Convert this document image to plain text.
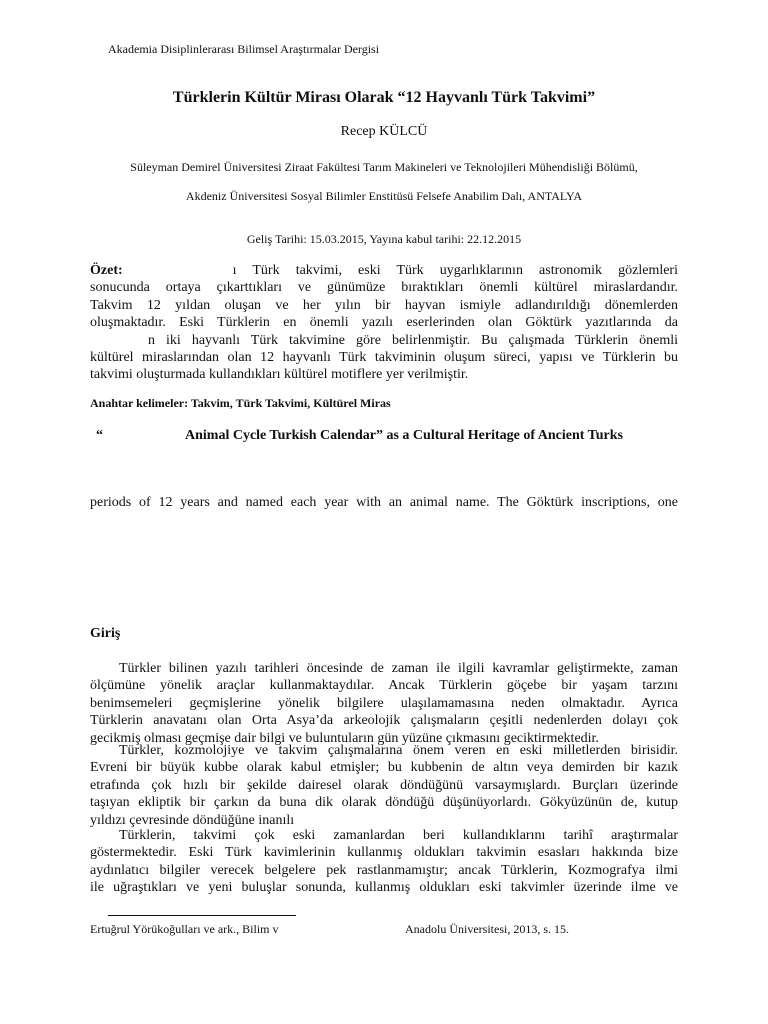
Akademia Disiplinlerarası Bilimsel Araştırmalar Dergisi
Türklerin Kültür Mirası Olarak “12 Hayvanlı Türk Takvimi”
Recep KÜLCÜ
Süleyman Demirel Üniversitesi Ziraat Fakültesi Tarım Makineleri ve Teknolojileri Mühendisliği Bölümü,
Akdeniz Üniversitesi Sosyal Bilimler Enstitüsü Felsefe Anabilim Dalı, ANTALYA
Geliş Tarihi: 15.03.2015, Yayına kabul tarihi: 22.12.2015
Özet:	ı Türk takvimi, eski Türk uygarlıklarının astronomik gözlemleri
sonucunda ortaya çıkarttıkları ve günümüze bıraktıkları önemli kültürel miraslardandır.
Takvim 12 yıldan oluşan ve her yılın bir hayvan ismiyle adlandırıldığı dönemlerden
oluşmaktadır. Eski Türklerin en önemli yazılı eserlerinden olan Göktürk yazıtlarında da
n iki hayvanlı Türk takvimine göre belirlenmiştir. Bu çalışmada Türklerin önemli
kültürel miraslarından olan 12 hayvanlı Türk takviminin oluşum süreci, yapısı ve Türklerin bu
takvimi oluşturmada kullandıkları kültürel motiflere yer verilmiştir.
Anahtar kelimeler: Takvim, Türk Takvimi, Kültürel Miras
“	Animal Cycle Turkish Calendar” as a Cultural Heritage of Ancient Turks
periods of 12 years and named each year with an animal name. The Göktürk inscriptions, one
Giriş
Türkler bilinen yazılı tarihleri öncesinde de zaman ile ilgili kavramlar geliştirmekte, zaman
ölçümüne yönelik araçlar kullanmaktaydılar. Ancak Türklerin göçebe bir yaşam tarzını
benimsemeleri geçmişlerine yönelik bilgilere ulaşılamamasına neden olmaktadır. Ayrıca
Türklerin anavatanı olan Orta Asya’da arkeolojik çalışmaların çeşitli nedenlerden dolayı çok
gecikmiş olması geçmişe dair bilgi ve buluntuların gün yüzüne çıkmasını geciktirmektedir.
Türkler, kozmolojiye ve takvim çalışmalarına önem veren en eski milletlerden birisidir.
Evreni bir büyük kubbe olarak kabul etmişler; bu kubbenin de altın veya demirden bir kazık
etrafında çok hızlı bir şekilde dairesel olarak döndüğünü varsaymışlardı. Burçları üzerinde
taşıyan ekliptik bir çarkın da buna dik olarak döndüğü düşünüyorlardı. Gökyüzünün de, kutup
yıldızı çevresinde döndüğüne inanılı
Türklerin, takvimi çok eski zamanlardan beri kullandıklarını tarihî araştırmalar
göstermektedir. Eski Türk kavimlerinin kullanmış oldukları takvimin esasları hakkında bize
aydınlatıcı bilgiler verecek belgelere pek rastlanmamıştır; ancak Türklerin, Kozmografya ilmi
ile uğraştıkları ve yeni buluşlar sonunda, kullanmış oldukları eski takvimler üzerinde ilme ve
Ertuğrul Yörükoğulları ve ark., Bilim v	Anadolu Üniversitesi, 2013, s. 15.
